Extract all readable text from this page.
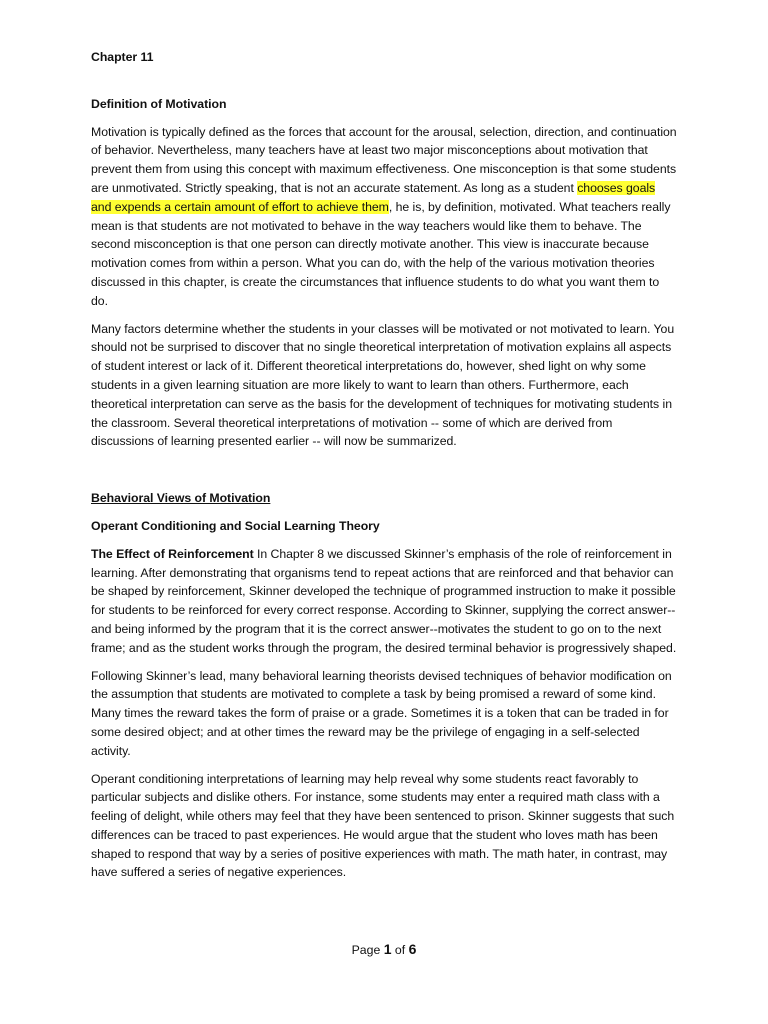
Chapter 11
Definition of Motivation

Motivation is typically defined as the forces that account for the arousal, selection, direction, and continuation of behavior. Nevertheless, many teachers have at least two major misconceptions about motivation that prevent them from using this concept with maximum effectiveness. One misconception is that some students are unmotivated. Strictly speaking, that is not an accurate statement. As long as a student chooses goals and expends a certain amount of effort to achieve them, he is, by definition, motivated. What teachers really mean is that students are not motivated to behave in the way teachers would like them to behave. The second misconception is that one person can directly motivate another. This view is inaccurate because motivation comes from within a person. What you can do, with the help of the various motivation theories discussed in this chapter, is create the circumstances that influence students to do what you want them to do.

Many factors determine whether the students in your classes will be motivated or not motivated to learn. You should not be surprised to discover that no single theoretical interpretation of motivation explains all aspects of student interest or lack of it. Different theoretical interpretations do, however, shed light on why some students in a given learning situation are more likely to want to learn than others. Furthermore, each theoretical interpretation can serve as the basis for the development of techniques for motivating students in the classroom. Several theoretical interpretations of motivation -- some of which are derived from discussions of learning presented earlier -- will now be summarized.

Behavioral Views of Motivation
Operant Conditioning and Social Learning Theory

The Effect of Reinforcement In Chapter 8 we discussed Skinner’s emphasis of the role of reinforcement in learning. After demonstrating that organisms tend to repeat actions that are reinforced and that behavior can be shaped by reinforcement, Skinner developed the technique of programmed instruction to make it possible for students to be reinforced for every correct response. According to Skinner, supplying the correct answer--and being informed by the program that it is the correct answer--motivates the student to go on to the next frame; and as the student works through the program, the desired terminal behavior is progressively shaped.

Following Skinner’s lead, many behavioral learning theorists devised techniques of behavior modification on the assumption that students are motivated to complete a task by being promised a reward of some kind. Many times the reward takes the form of praise or a grade. Sometimes it is a token that can be traded in for some desired object; and at other times the reward may be the privilege of engaging in a self-selected activity.

Operant conditioning interpretations of learning may help reveal why some students react favorably to particular subjects and dislike others. For instance, some students may enter a required math class with a feeling of delight, while others may feel that they have been sentenced to prison. Skinner suggests that such differences can be traced to past experiences. He would argue that the student who loves math has been shaped to respond that way by a series of positive experiences with math. The math hater, in contrast, may have suffered a series of negative experiences.

Page 1 of 6
